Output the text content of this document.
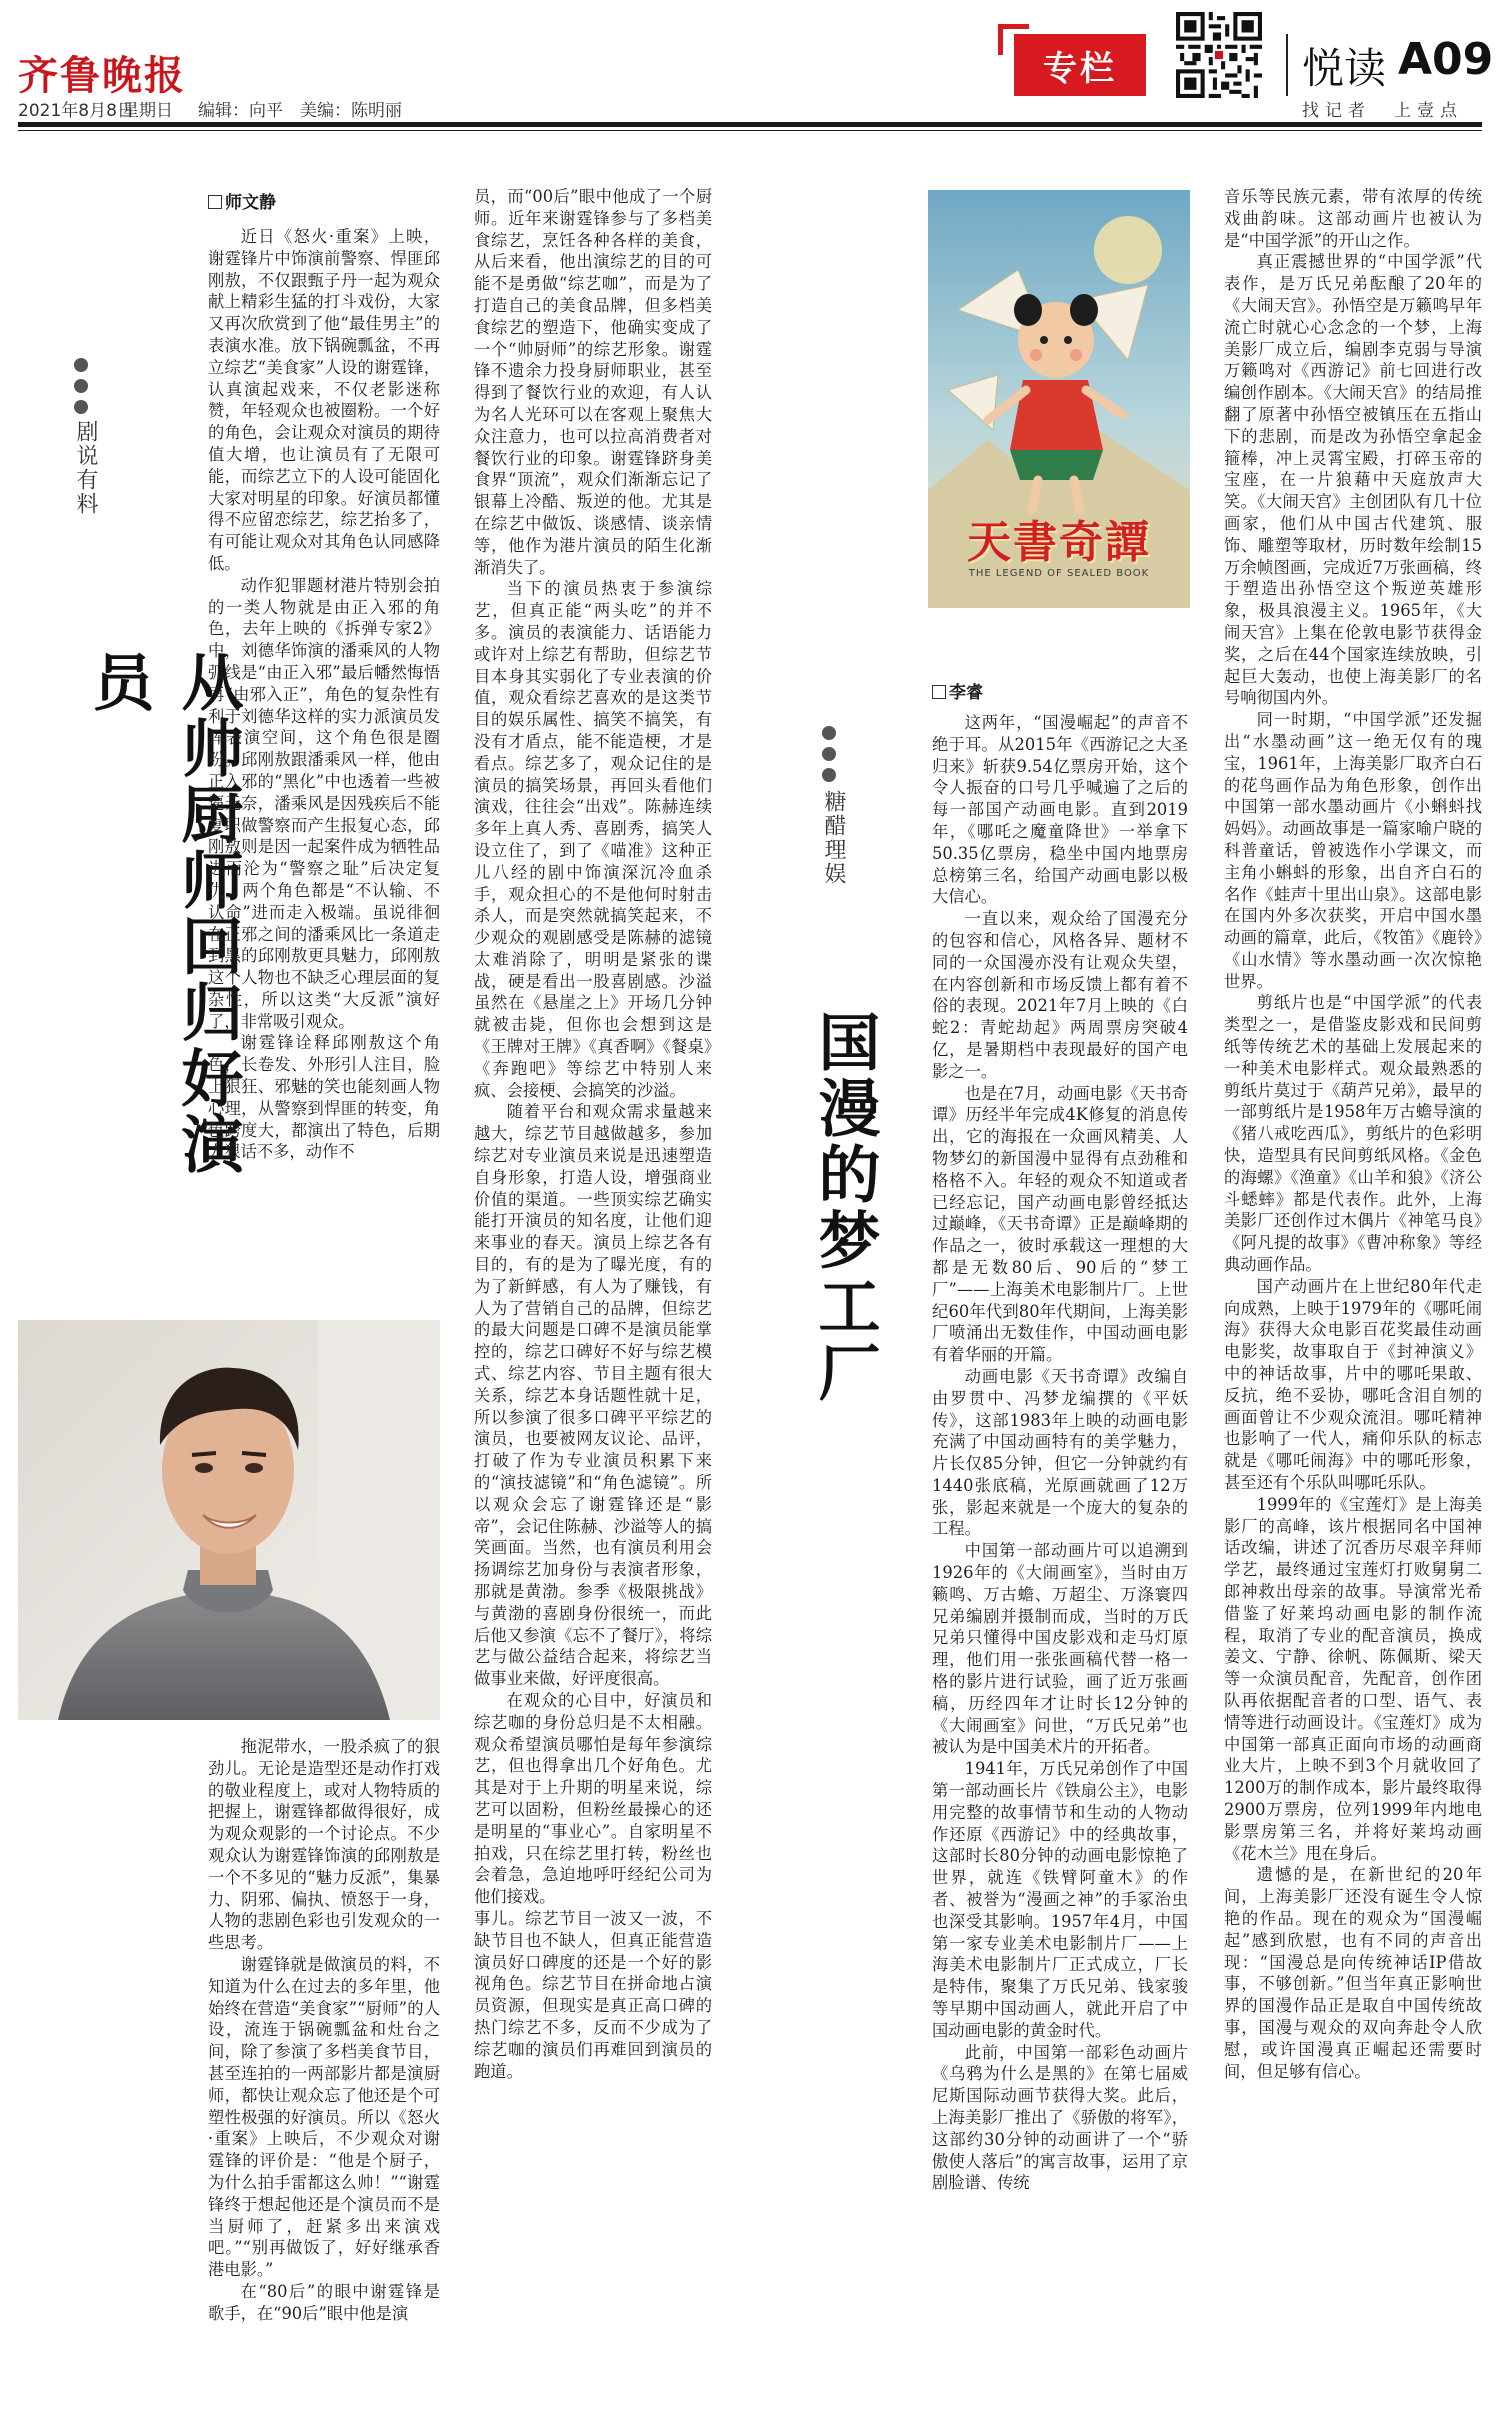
齐鲁晚报
2021年8月8日
星期日 编辑：向平　美编：陈明丽
专栏	悦读 A09
找记者　上壹点
师文静
剧说有料
从帅厨师回归好演员

近日《怒火·重案》上映，谢霆锋片中饰演前警察、悍匪邱刚敖，不仅跟甄子丹一起为观众献上精彩生猛的打斗戏份，大家又再次欣赏到了他“最佳男主”的表演水准。放下锅碗瓢盆，不再立综艺“美食家”人设的谢霆锋，认真演起戏来，不仅老影迷称赞，年轻观众也被圈粉。一个好的角色，会让观众对演员的期待值大增，也让演员有了无限可能，而综艺立下的人设可能固化大家对明星的印象。好演员都懂得不应留恋综艺，综艺抬多了，有可能让观众对其角色认同感降低。

动作犯罪题材港片特别会拍的一类人物就是由正入邪的角色，去年上映的《拆弹专家2》中，刘德华饰演的潘乘风的人物弧线是“由正入邪”最后幡然悔悟再“由邪入正”，角色的复杂性有利于刘德华这样的实力派演员发挥表演空间，这个角色很是圈粉。邱刚敖跟潘乘风一样，他由正入邪的“黑化”中也透着一些被逼无奈，潘乘风是因残疾后不能复职做警察而产生报复心态，邱刚敖则是因一起案件成为牺牲品进而沦为“警察之耻”后决定复仇。两个角色都是“不认输、不认命”进而走入极端。虽说徘徊在正邪之间的潘乘风比一条道走到黑的邱刚敖更具魅力，邱刚敖这个人物也不缺乏心理层面的复杂性，所以这类“大反派”演好了，非常吸引观众。

谢霆锋诠释邱刚敖这个角色，长卷发、外形引人注目，脸上狠狂、邪魅的笑也能刻画人物心理，从警察到悍匪的转变，角色跨度大，都演出了特色，后期人狠话不多，动作不

拖泥带水，一股杀疯了的狠劲儿。无论是造型还是动作打戏的敬业程度上，或对人物特质的把握上，谢霆锋都做得很好，成为观众观影的一个讨论点。不少观众认为谢霆锋饰演的邱刚敖是一个不多见的“魅力反派”，集暴力、阴邪、偏执、愤怒于一身，人物的悲剧色彩也引发观众的一些思考。

谢霆锋就是做演员的料，不知道为什么在过去的多年里，他始终在营造“美食家”“厨师”的人设，流连于锅碗瓢盆和灶台之间，除了参演了多档美食节目，甚至连拍的一两部影片都是演厨师，都快让观众忘了他还是个可塑性极强的好演员。所以《怒火·重案》上映后，不少观众对谢霆锋的评价是：“他是个厨子，为什么拍手雷都这么帅！”“谢霆锋终于想起他还是个演员而不是当厨师了，赶紧多出来演戏吧。”“别再做饭了，好好继承香港电影。”

在“80后”的眼中谢霆锋是歌手，在“90后”眼中他是演

员，而“00后”眼中他成了一个厨师。近年来谢霆锋参与了多档美食综艺，烹饪各种各样的美食，从后来看，他出演综艺的目的可能不是勇做“综艺咖”，而是为了打造自己的美食品牌，但多档美食综艺的塑造下，他确实变成了一个“帅厨师”的综艺形象。谢霆锋不遗余力投身厨师职业，甚至得到了餐饮行业的欢迎，有人认为名人光环可以在客观上聚焦大众注意力，也可以拉高消费者对餐饮行业的印象。谢霆锋跻身美食界“顶流”，观众们渐渐忘记了银幕上冷酷、叛逆的他。尤其是在综艺中做饭、谈感情、谈亲情等，他作为港片演员的陌生化渐渐消失了。

当下的演员热衷于参演综艺，但真正能“两头吃”的并不多。演员的表演能力、话语能力或许对上综艺有帮助，但综艺节目本身其实弱化了专业表演的价值，观众看综艺喜欢的是这类节目的娱乐属性、搞笑不搞笑，有没有才盾点，能不能造梗，才是看点。综艺多了，观众记住的是演员的搞笑场景，再回头看他们演戏，往往会“出戏”。陈赫连续多年上真人秀、喜剧秀，搞笑人设立住了，到了《喵准》这种正儿八经的剧中饰演深沉冷血杀手，观众担心的不是他何时射击杀人，而是突然就搞笑起来，不少观众的观剧感受是陈赫的滤镜太难消除了，明明是紧张的谍战，硬是看出一股喜剧感。沙溢虽然在《悬崖之上》开场几分钟就被击毙，但你也会想到这是《王牌对王牌》《真香啊》《餐桌》《奔跑吧》等综艺中特别人来疯、会接梗、会搞笑的沙溢。

随着平台和观众需求量越来越大，综艺节目越做越多，参加综艺对专业演员来说是迅速塑造自身形象，打造人设，增强商业价值的渠道。一些顶实综艺确实能打开演员的知名度，让他们迎来事业的春天。演员上综艺各有目的，有的是为了曝光度，有的为了新鲜感，有人为了赚钱，有人为了营销自己的品牌，但综艺的最大问题是口碑不是演员能掌控的，综艺口碑好不好与综艺模式、综艺内容、节目主题有很大关系，综艺本身话题性就十足，所以参演了很多口碑平平综艺的演员，也要被网友议论、品评，打破了作为专业演员积累下来的“演技滤镜”和“角色滤镜”。所以观众会忘了谢霆锋还是“影帝”，会记住陈赫、沙溢等人的搞笑画面。当然，也有演员利用会扬调综艺加身份与表演者形象，那就是黄渤。参季《极限挑战》与黄渤的喜剧身份很统一，而此后他又参演《忘不了餐厅》，将综艺与做公益结合起来，将综艺当做事业来做，好评度很高。

在观众的心目中，好演员和综艺咖的身份总归是不太相融。观众希望演员哪怕是每年参演综艺，但也得拿出几个好角色。尤其是对于上升期的明星来说，综艺可以固粉，但粉丝最操心的还是明星的“事业心”。自家明星不拍戏，只在综艺里打转，粉丝也会着急，急迫地呼吁经纪公司为他们接戏。

事儿。综艺节目一波又一波，不缺节目也不缺人，但真正能营造演员好口碑度的还是一个好的影视角色。综艺节目在拼命地占演员资源，但现实是真正高口碑的热门综艺不多，反而不少成为了综艺咖的演员们再难回到演员的跑道。

糖醋理娱
国漫的梦工厂
天書奇譚
THE LEGEND OF SEALED BOOK
李睿

这两年，“国漫崛起”的声音不绝于耳。从2015年《西游记之大圣归来》斩获9.54亿票房开始，这个令人振奋的口号几乎喊遍了之后的每一部国产动画电影。直到2019年，《哪吒之魔童降世》一举拿下50.35亿票房，稳坐中国内地票房总榜第三名，给国产动画电影以极大信心。

一直以来，观众给了国漫充分的包容和信心，风格各异、题材不同的一众国漫亦没有让观众失望，在内容创新和市场反馈上都有着不俗的表现。2021年7月上映的《白蛇2：青蛇劫起》两周票房突破4亿，是暑期档中表现最好的国产电影之一。

也是在7月，动画电影《天书奇谭》历经半年完成4K修复的消息传出，它的海报在一众画风精美、人物梦幻的新国漫中显得有点劲稚和格格不入。年轻的观众不知道或者已经忘记，国产动画电影曾经抵达过巅峰，《天书奇谭》正是巅峰期的作品之一，彼时承载这一理想的大都是无数80后、90后的“梦工厂”——上海美术电影制片厂。上世纪60年代到80年代期间，上海美影厂喷涌出无数佳作，中国动画电影有着华丽的开篇。

动画电影《天书奇谭》改编自由罗贯中、冯梦龙编撰的《平妖传》，这部1983年上映的动画电影充满了中国动画特有的美学魅力，片长仅85分钟，但它一分钟就约有1440张底稿，光原画就画了12万张，影起来就是一个庞大的复杂的工程。

中国第一部动画片可以追溯到1926年的《大闹画室》，当时由万籁鸣、万古蟾、万超尘、万涤寰四兄弟编剧并摄制而成，当时的万氏兄弟只懂得中国皮影戏和走马灯原理，他们用一张张画稿代替一格一格的影片进行试验，画了近万张画稿，历经四年才让时长12分钟的《大闹画室》问世，“万氏兄弟”也被认为是中国美术片的开拓者。

1941年，万氏兄弟创作了中国第一部动画长片《铁扇公主》，电影用完整的故事情节和生动的人物动作还原《西游记》中的经典故事，这部时长80分钟的动画电影惊艳了世界，就连《铁臂阿童木》的作者、被誉为“漫画之神”的手冢治虫也深受其影响。1957年4月，中国第一家专业美术电影制片厂——上海美术电影制片厂正式成立，厂长是特伟，聚集了万氏兄弟、钱家骏等早期中国动画人，就此开启了中国动画电影的黄金时代。

此前，中国第一部彩色动画片《乌鸦为什么是黑的》在第七届威尼斯国际动画节获得大奖。此后，上海美影厂推出了《骄傲的将军》，这部约30分钟的动画讲了一个“骄傲使人落后”的寓言故事，运用了京剧脸谱、传统

音乐等民族元素，带有浓厚的传统戏曲韵味。这部动画片也被认为是“中国学派”的开山之作。

真正震撼世界的“中国学派”代表作，是万氏兄弟酝酿了20年的《大闹天宫》。孙悟空是万籁鸣早年流亡时就心心念念的一个梦，上海美影厂成立后，编剧李克弱与导演万籁鸣对《西游记》前七回进行改编创作剧本。《大闹天宫》的结局推翻了原著中孙悟空被镇压在五指山下的悲剧，而是改为孙悟空拿起金箍棒，冲上灵霄宝殿，打碎玉帝的宝座，在一片狼藉中天庭放声大笑。《大闹天宫》主创团队有几十位画家，他们从中国古代建筑、服饰、雕塑等取材，历时数年绘制15万余帧图画，完成近7万张画稿，终于塑造出孙悟空这个叛逆英雄形象，极具浪漫主义。1965年，《大闹天宫》上集在伦敦电影节获得金奖，之后在44个国家连续放映，引起巨大轰动，也使上海美影厂的名号响彻国内外。

同一时期，“中国学派”还发掘出“水墨动画”这一绝无仅有的瑰宝，1961年，上海美影厂取齐白石的花鸟画作品为角色形象，创作出中国第一部水墨动画片《小蝌蚪找妈妈》。动画故事是一篇家喻户晓的科普童话，曾被选作小学课文，而主角小蝌蚪的形象，出自齐白石的名作《蛙声十里出山泉》。这部电影在国内外多次获奖，开启中国水墨动画的篇章，此后，《牧笛》《鹿铃》《山水情》等水墨动画一次次惊艳世界。

剪纸片也是“中国学派”的代表类型之一，是借鉴皮影戏和民间剪纸等传统艺术的基础上发展起来的一种美术电影样式。观众最熟悉的剪纸片莫过于《葫芦兄弟》，最早的一部剪纸片是1958年万古蟾导演的《猪八戒吃西瓜》，剪纸片的色彩明快，造型具有民间剪纸风格。《金色的海螺》《渔童》《山羊和狼》《济公斗蟋蟀》都是代表作。此外，上海美影厂还创作过木偶片《神笔马良》《阿凡提的故事》《曹冲称象》等经典动画作品。

国产动画片在上世纪80年代走向成熟，上映于1979年的《哪吒闹海》获得大众电影百花奖最佳动画电影奖，故事取自于《封神演义》中的神话故事，片中的哪吒果敢、反抗，绝不妥协，哪吒含泪自刎的画面曾让不少观众流泪。哪吒精神也影响了一代人，痛仰乐队的标志就是《哪吒闹海》中的哪吒形象，甚至还有个乐队叫哪吒乐队。

1999年的《宝莲灯》是上海美影厂的高峰，该片根据同名中国神话改编，讲述了沉香历尽艰辛拜师学艺，最终通过宝莲灯打败舅舅二郎神救出母亲的故事。导演常光希借鉴了好莱坞动画电影的制作流程，取消了专业的配音演员，换成姜文、宁静、徐帆、陈佩斯、梁天等一众演员配音，先配音，创作团队再依据配音者的口型、语气、表情等进行动画设计。《宝莲灯》成为中国第一部真正面向市场的动画商业大片，上映不到3个月就收回了1200万的制作成本，影片最终取得2900万票房，位列1999年内地电影票房第三名，并将好莱坞动画《花木兰》甩在身后。

遗憾的是，在新世纪的20年间，上海美影厂还没有诞生令人惊艳的作品。现在的观众为“国漫崛起”感到欣慰，也有不同的声音出现：“国漫总是向传统神话IP借故事，不够创新。”但当年真正影响世界的国漫作品正是取自中国传统故事，国漫与观众的双向奔赴令人欣慰，或许国漫真正崛起还需要时间，但足够有信心。
